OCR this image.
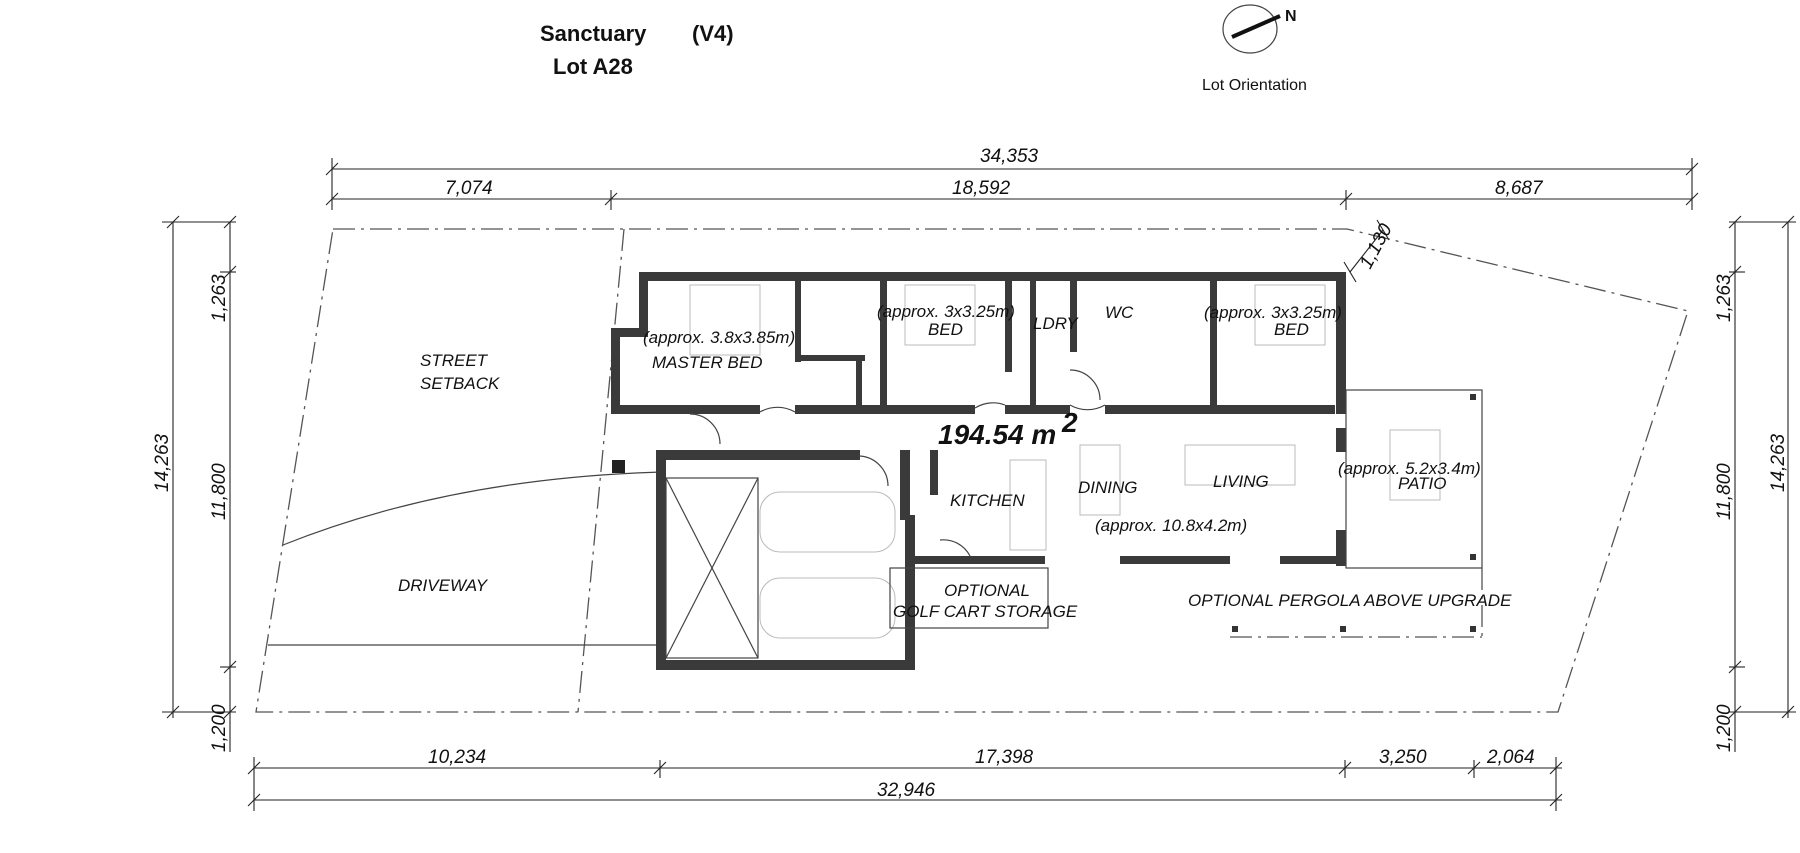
Sanctuary (V4)
Lot A28
N
Lot Orientation
34,353
7,074	18,592	8,687
1,130
10,234	17,398	3,250	2,064
32,946
14,263
1,263
11,800
1,200
14,263
1,263
11,800
1,200
STREET
SETBACK
DRIVEWAY
(approx. 3.8x3.85m)
MASTER BED
(approx. 3x3.25m)
BED	LDRY
WC	(approx. 3x3.25m)
BED
KITCHEN
DINING	LIVING
(approx. 10.8x4.2m)
(approx. 5.2x3.4m)
PATIO
OPTIONAL
GOLF CART STORAGE
OPTIONAL PERGOLA ABOVE UPGRADE
194.54 m 2
